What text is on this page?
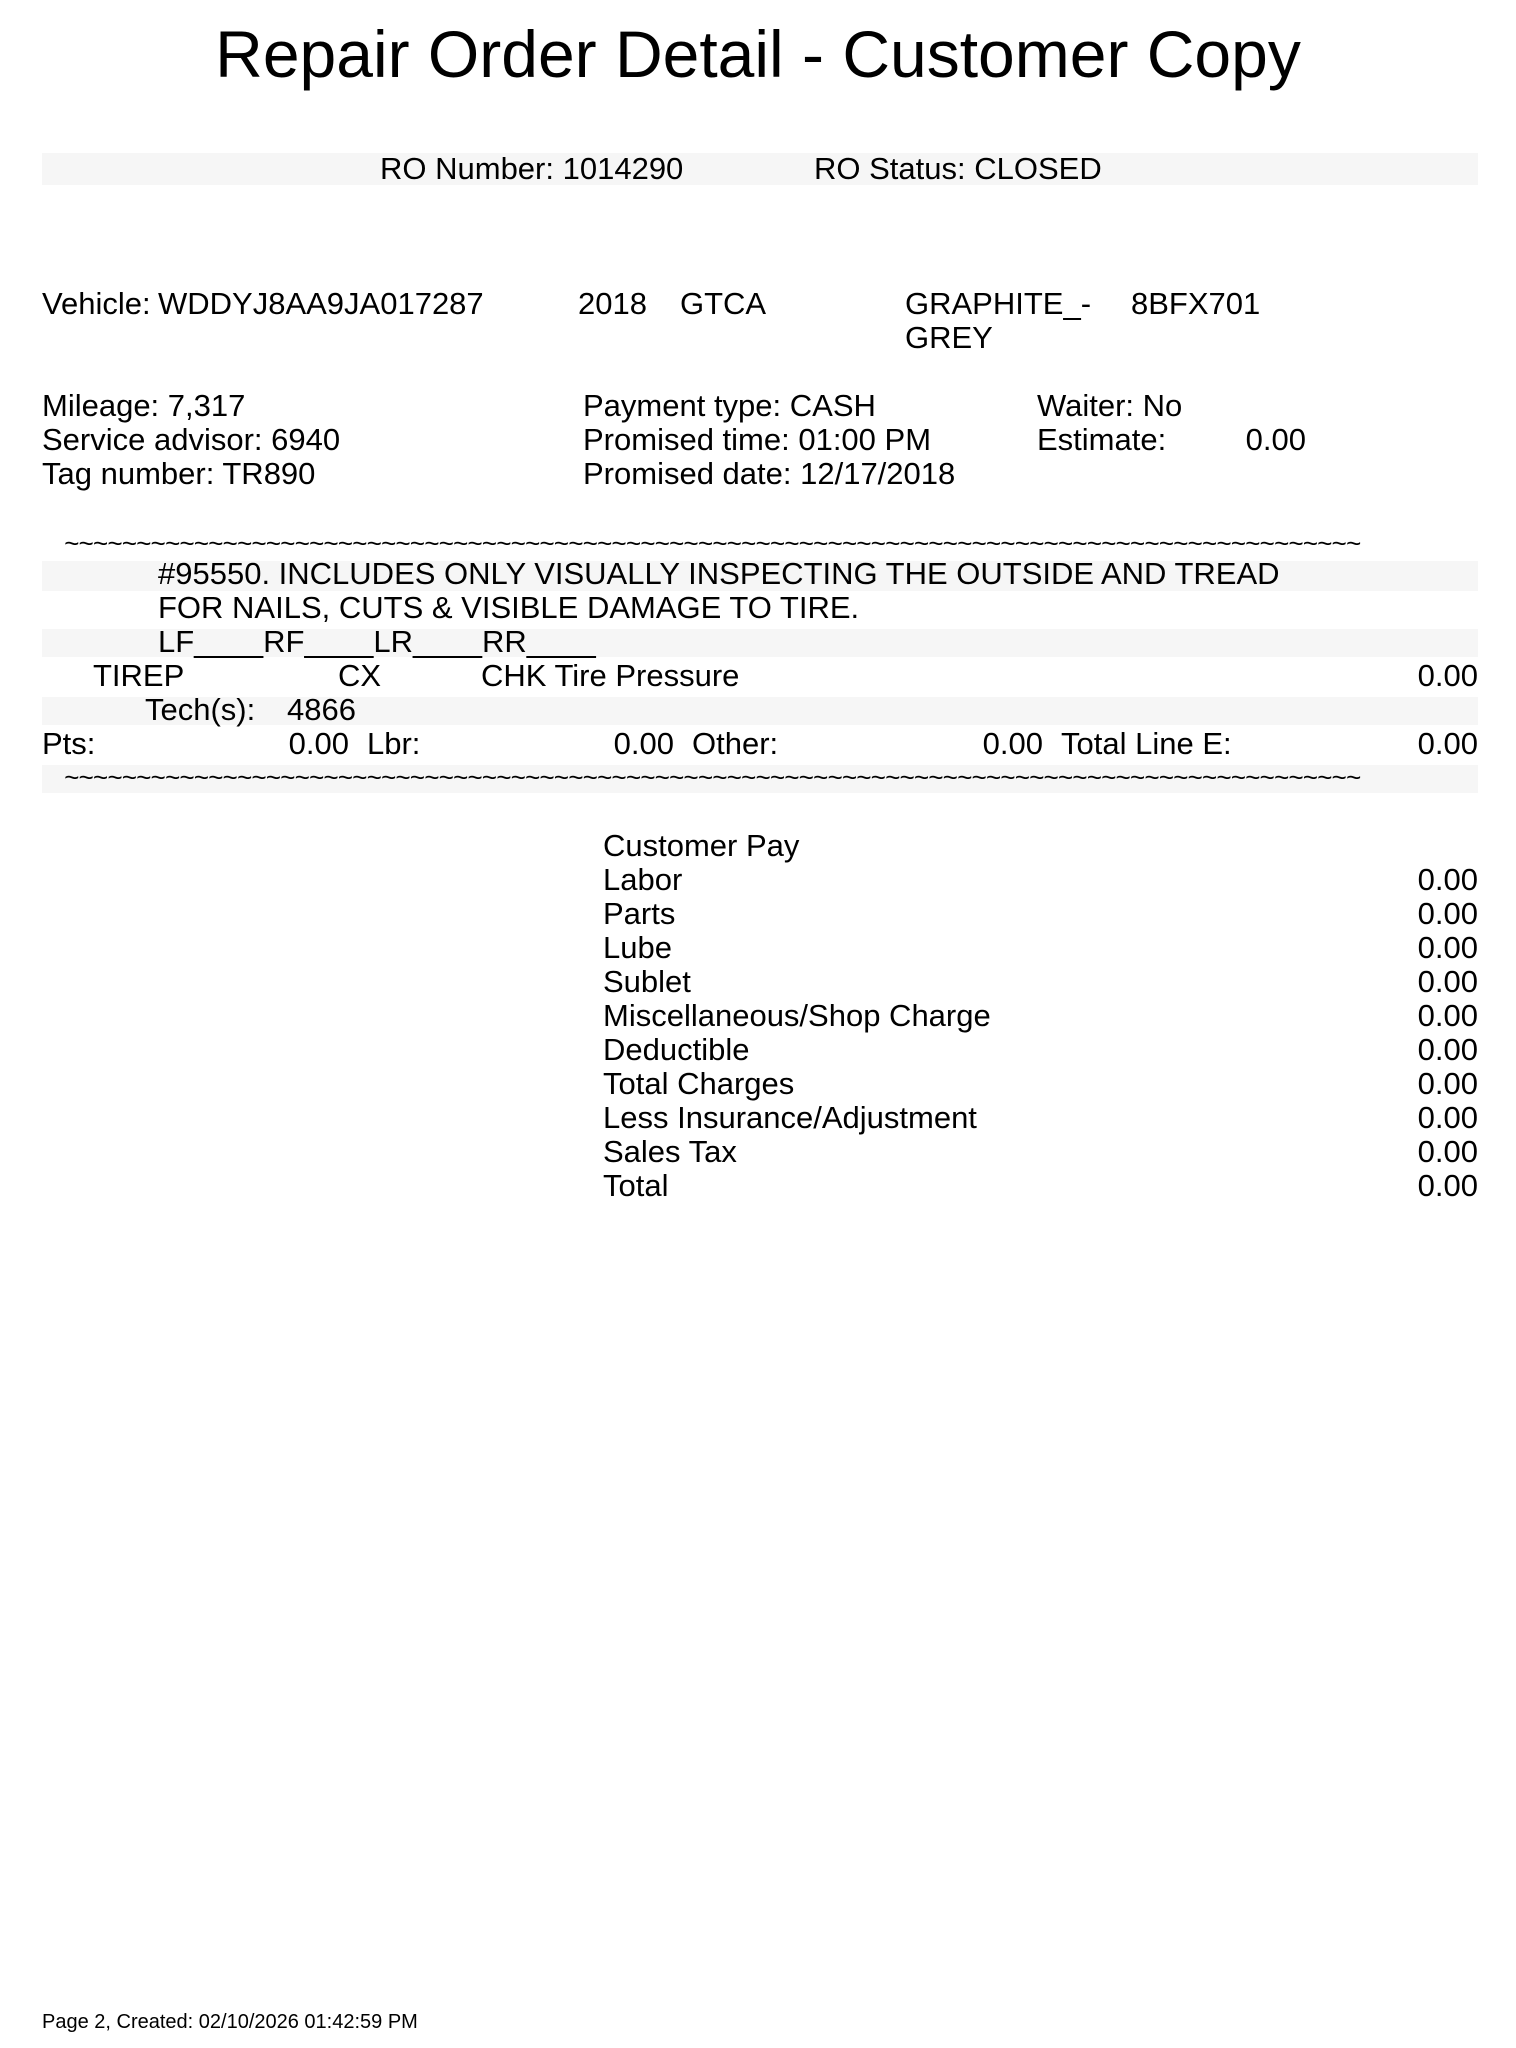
Repair Order Detail - Customer Copy
RO Number: 1014290	RO Status: CLOSED
Vehicle: WDDYJ8AA9JA017287	2018 GTCA	GRAPHITE_-
GREY
8BFX701
Mileage: 7,317
Service advisor: 6940
Tag number: TR890
Payment type: CASH
Promised time: 01:00 PM
Promised date: 12/17/2018
Waiter: No
Estimate:	0.00
~~~~~~~~~~~~~~~~~~~~~~~~~~~~~~~~~~~~~~~~~~~~~~~~~~~~~~~~~~~~~~~~~~~~~~~~~~~~~~~~~~~~~~~~~~
#95550. INCLUDES ONLY VISUALLY INSPECTING THE OUTSIDE AND TREAD
FOR NAILS, CUTS & VISIBLE DAMAGE TO TIRE.
LF____RF____LR____RR____
TIREP	CX	CHK Tire Pressure	0.00
Tech(s): 4866
Pts:	0.00 Lbr:	0.00 Other:	0.00 Total Line E:	0.00
~~~~~~~~~~~~~~~~~~~~~~~~~~~~~~~~~~~~~~~~~~~~~~~~~~~~~~~~~~~~~~~~~~~~~~~~~~~~~~~~~~~~~~~~~~
Customer Pay
Labor	0.00
Parts	0.00
Lube	0.00
Sublet	0.00
Miscellaneous/Shop Charge	0.00
Deductible	0.00
Total Charges	0.00
Less Insurance/Adjustment	0.00
Sales Tax	0.00
Total	0.00
Page 2, Created: 02/10/2026 01:42:59 PM
